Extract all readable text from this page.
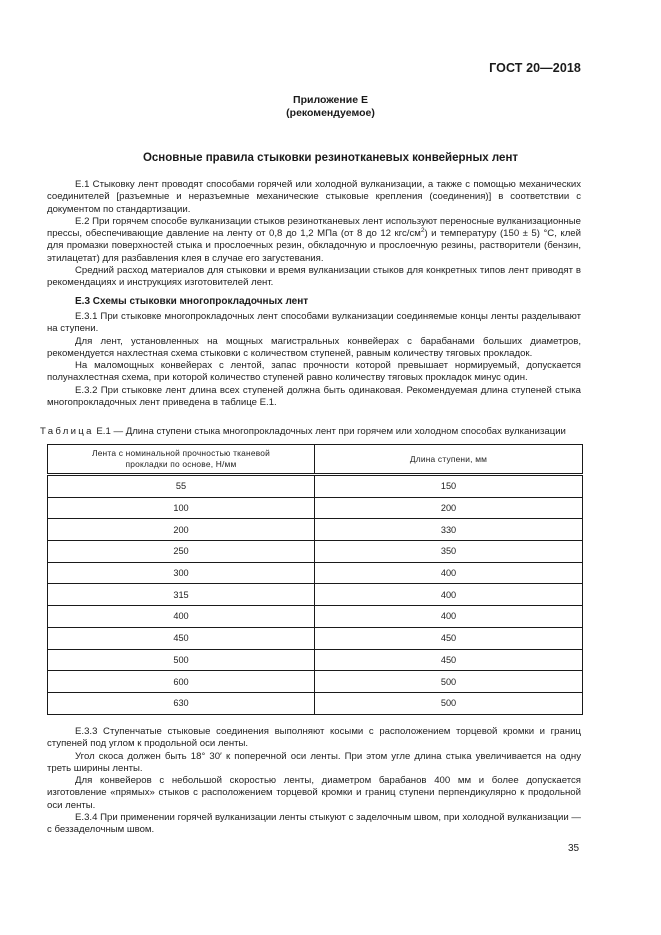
ГОСТ 20—2018
Приложение Е
(рекомендуемое)
Основные правила стыковки резинотканевых конвейерных лент

Е.1 Стыковку лент проводят способами горячей или холодной вулканизации, а также с помощью механических соединителей [разъемные и неразъемные механические стыковые крепления (соединения)] в соответствии с документом по стандартизации.

Е.2 При горячем способе вулканизации стыков резинотканевых лент используют переносные вулканизационные прессы, обеспечивающие давление на ленту от 0,8 до 1,2 МПа (от 8 до 12 кгс/$см^2$) и температуру (150 ± 5) °С, клей для промазки поверхностей стыка и прослоечных резин, обкладочную и прослоечную резины, растворители (бензин, этилацетат) для разбавления клея в случае его загустевания.

Средний расход материалов для стыковки и время вулканизации стыков для конкретных типов лент приводят в рекомендациях и инструкциях изготовителей лент.

Е.3 Схемы стыковки многопрокладочных лент

Е.3.1 При стыковке многопрокладочных лент способами вулканизации соединяемые концы ленты разделывают на ступени.

Для лент, установленных на мощных магистральных конвейерах с барабанами больших диаметров, рекомендуется нахлестная схема стыковки с количеством ступеней, равным количеству тяговых прокладок.

На маломощных конвейерах с лентой, запас прочности которой превышает нормируемый, допускается полунахлестная схема, при которой количество ступеней равно количеству тяговых прокладок минус один.

Е.3.2 При стыковке лент длина всех ступеней должна быть одинаковая. Рекомендуемая длина ступеней стыка многопрокладочных лент приведена в таблице Е.1.

Таблица Е.1 — Длина ступени стыка многопрокладочных лент при горячем или холодном способах вулканизации
Лента с номинальной прочностью тканевой прокладки по основе, Н/мм	Длина ступени, мм
55	150
100	200
200	330
250	350
300	400
315	400
400	400
450	450
500	450
600	500
630	500

Е.3.3 Ступенчатые стыковые соединения выполняют косыми с расположением торцевой кромки и границ ступеней под углом к продольной оси ленты.

Угол скоса должен быть 18° 30′ к поперечной оси ленты. При этом угле длина стыка увеличивается на одну треть ширины ленты.

Для конвейеров с небольшой скоростью ленты, диаметром барабанов 400 мм и более допускается изготовление «прямых» стыков с расположением торцевой кромки и границ ступени перпендикулярно к продольной оси ленты.

Е.3.4 При применении горячей вулканизации ленты стыкуют с заделочным швом, при холодной вулканизации — с беззаделочным швом.

35
